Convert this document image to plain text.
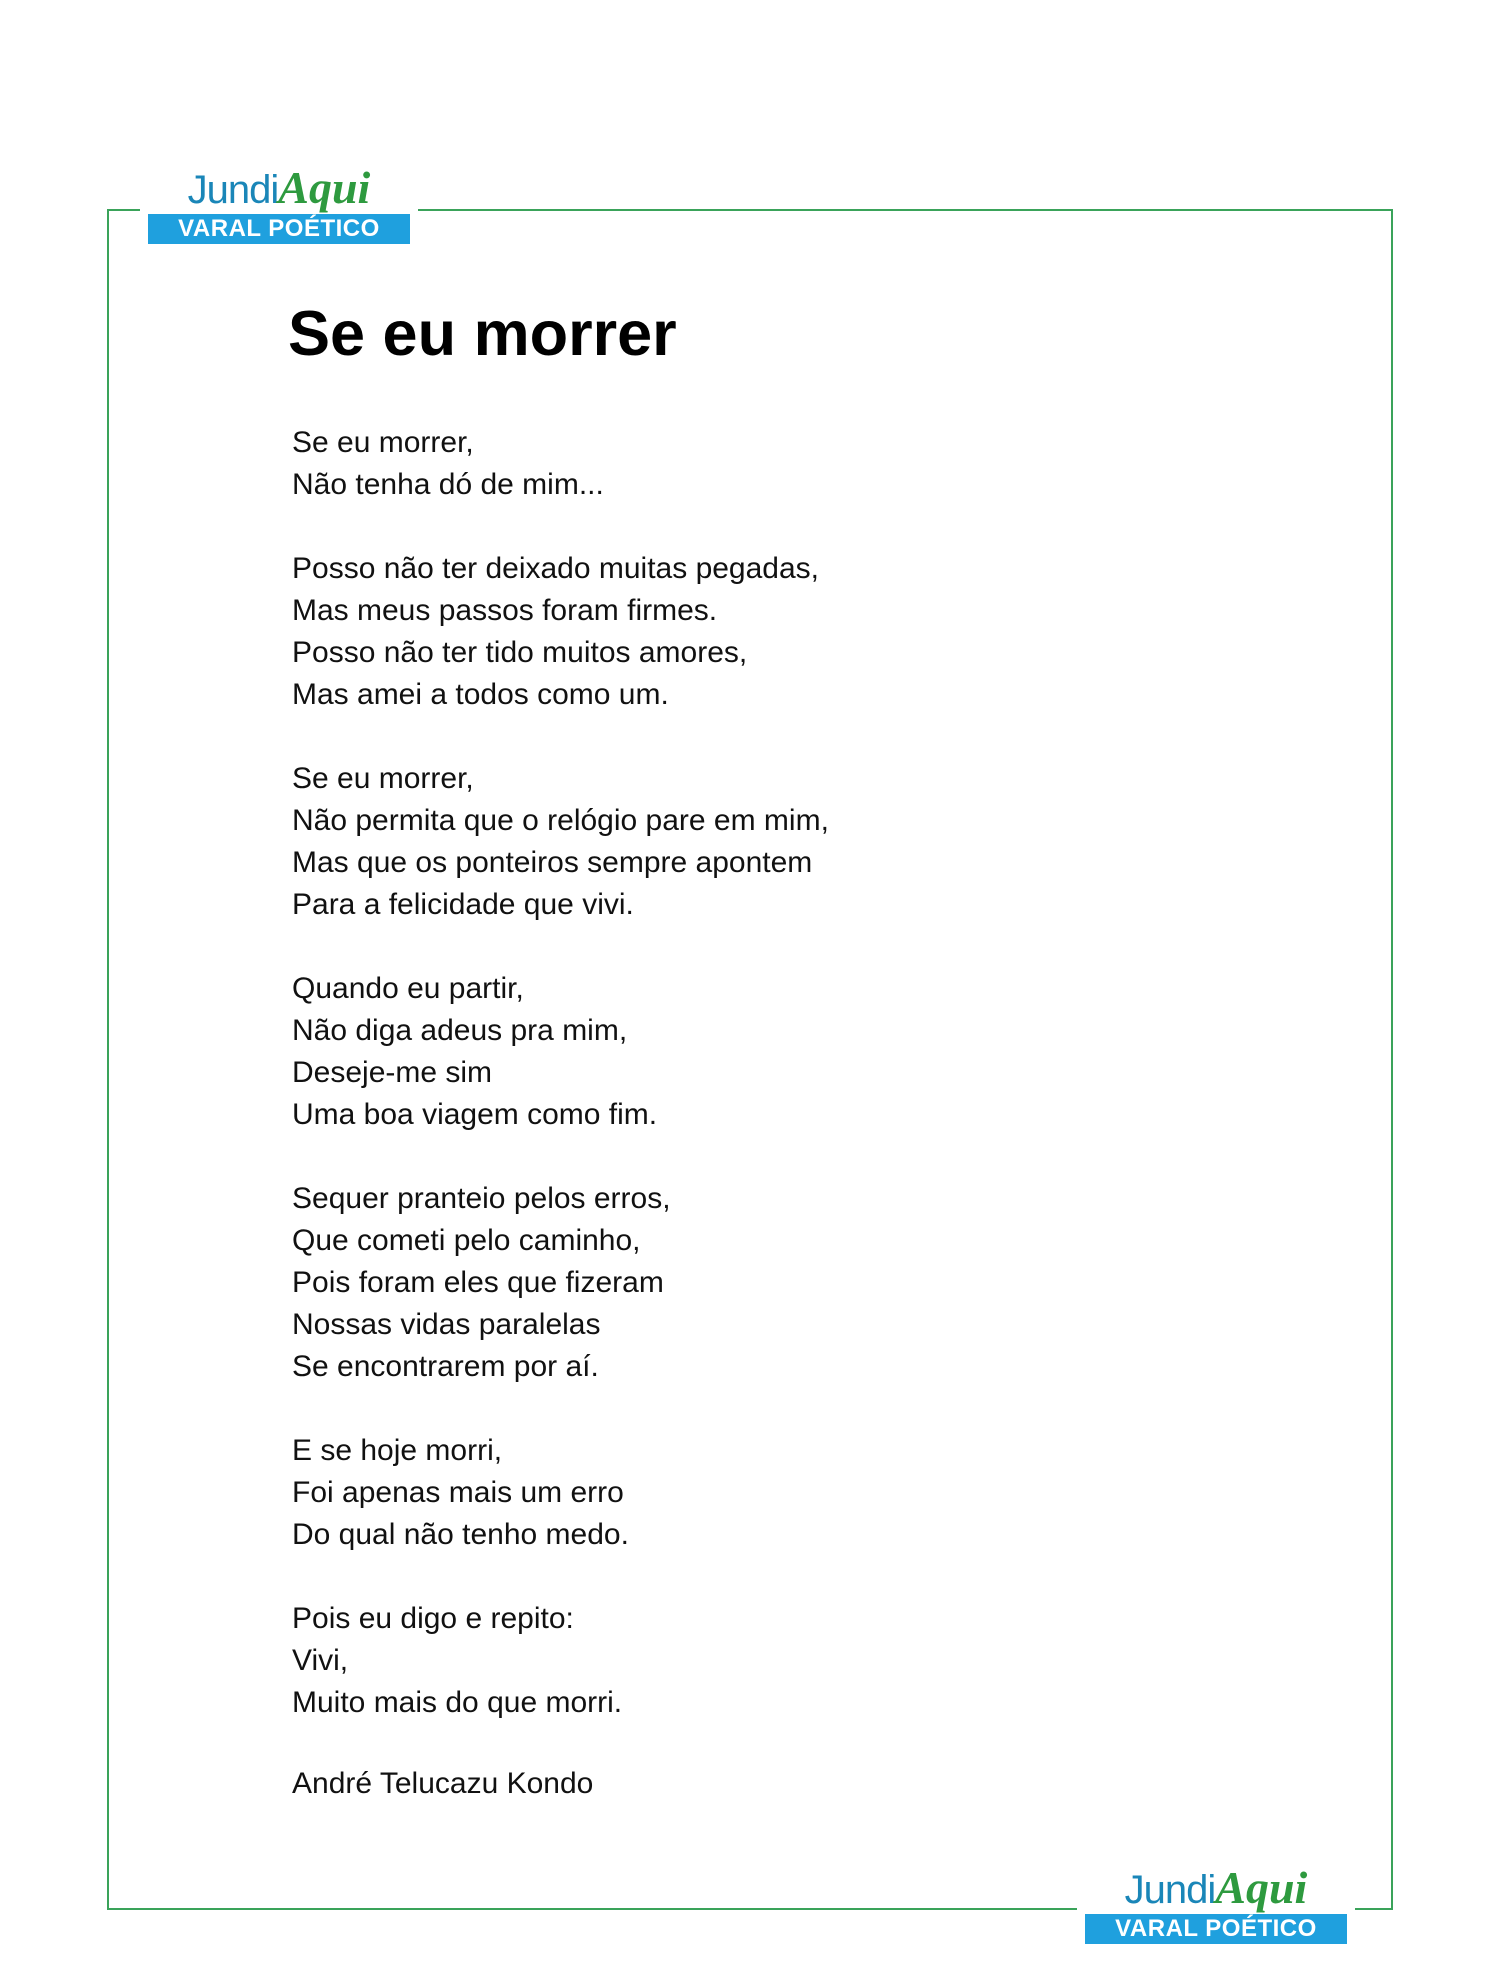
JundiAqui
VARAL POÉTICO
Se eu morrer
Se eu morrer,
Não tenha dó de mim...
Posso não ter deixado muitas pegadas,
Mas meus passos foram firmes.
Posso não ter tido muitos amores,
Mas amei a todos como um.
Se eu morrer,
Não permita que o relógio pare em mim,
Mas que os ponteiros sempre apontem
Para a felicidade que vivi.
Quando eu partir,
Não diga adeus pra mim,
Deseje-me sim
Uma boa viagem como fim.
Sequer pranteio pelos erros,
Que cometi pelo caminho,
Pois foram eles que fizeram
Nossas vidas paralelas
Se encontrarem por aí.
E se hoje morri,
Foi apenas mais um erro
Do qual não tenho medo.
Pois eu digo e repito:
Vivi,
Muito mais do que morri.
André Telucazu Kondo
JundiAqui
VARAL POÉTICO
